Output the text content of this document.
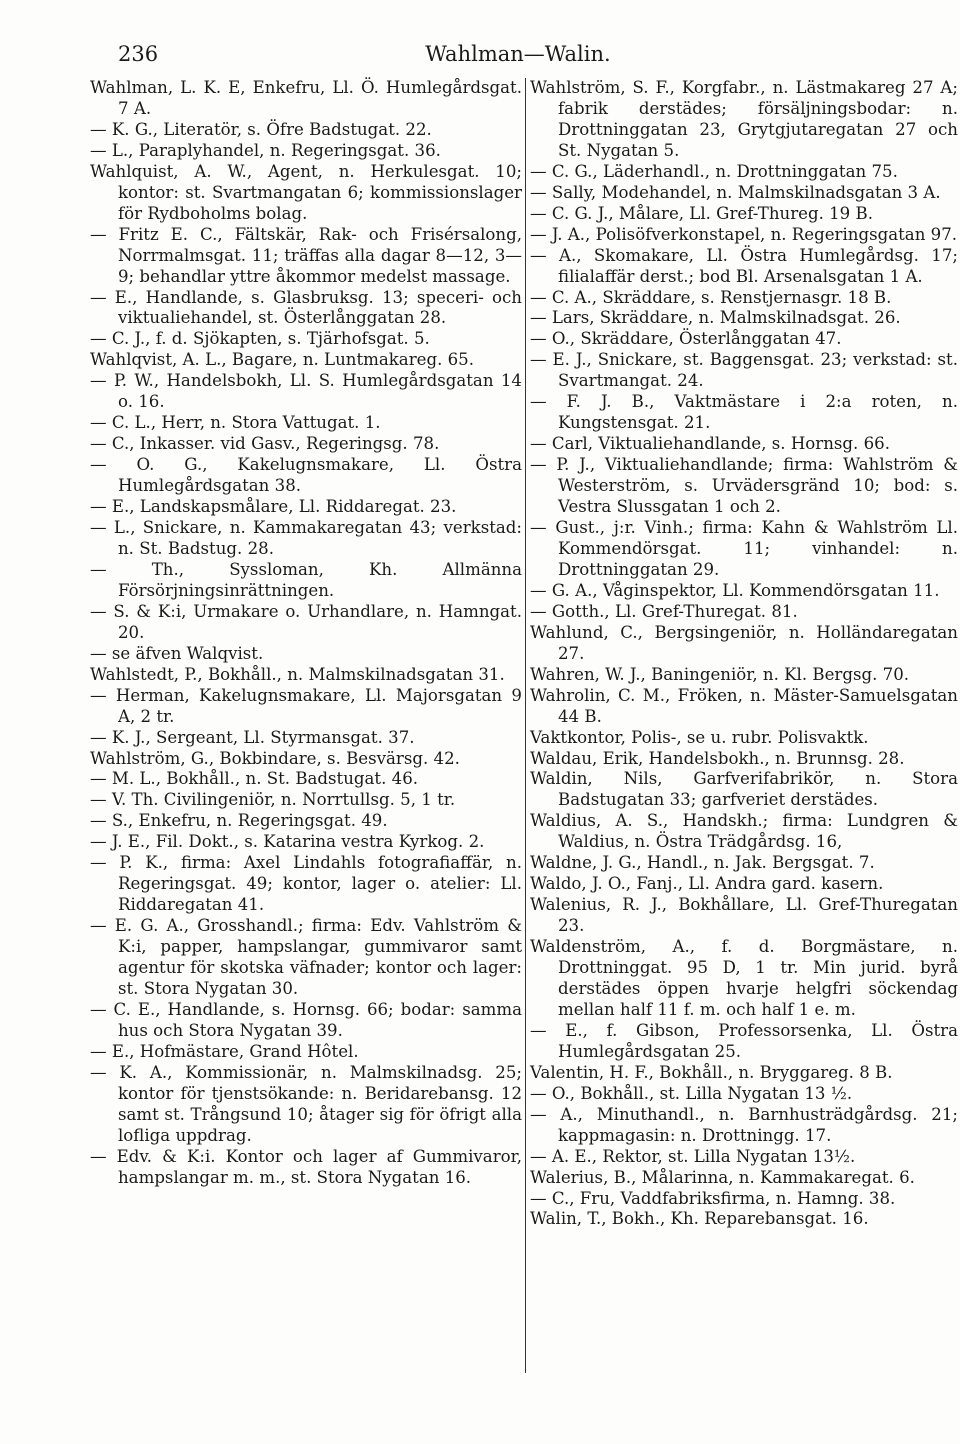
236	Wahlman—Walin.

Wahlman, L. K. E, Enkefru, Ll. Ö. Humlegårdsgat. 7 A.

— K. G., Literatör, s. Öfre Badstugat. 22.

— L., Paraplyhandel, n. Regeringsgat. 36.

Wahlquist, A. W., Agent, n. Herkulesgat. 10; kontor: st. Svartmangatan 6; kommissionslager för Rydboholms bolag.

— Fritz E. C., Fältskär, Rak- och Frisérsalong, Norrmalmsgat. 11; träffas alla dagar 8—12, 3—9; behandlar yttre åkommor medelst massage.

— E., Handlande, s. Glasbruksg. 13; speceri- och viktualiehandel, st. Österlånggatan 28.

— C. J., f. d. Sjökapten, s. Tjärhofsgat. 5.

Wahlqvist, A. L., Bagare, n. Luntmakareg. 65.

— P. W., Handelsbokh, Ll. S. Humlegårdsgatan 14 o. 16.

— C. L., Herr, n. Stora Vattugat. 1.

— C., Inkasser. vid Gasv., Regeringsg. 78.

— O. G., Kakelugnsmakare, Ll. Östra Humlegårdsgatan 38.

— E., Landskapsmålare, Ll. Riddaregat. 23.

— L., Snickare, n. Kammakaregatan 43; verkstad: n. St. Badstug. 28.

— Th., Syssloman, Kh. Allmänna Försörjningsinrättningen.

— S. & K:i, Urmakare o. Urhandlare, n. Hamngat. 20.

— se äfven Walqvist.

Wahlstedt, P., Bokhåll., n. Malmskilnadsgatan 31.

— Herman, Kakelugnsmakare, Ll. Majorsgatan 9 A, 2 tr.

— K. J., Sergeant, Ll. Styrmansgat. 37.

Wahlström, G., Bokbindare, s. Besvärsg. 42.

— M. L., Bokhåll., n. St. Badstugat. 46.

— V. Th. Civilingeniör, n. Norrtullsg. 5, 1 tr.

— S., Enkefru, n. Regeringsgat. 49.

— J. E., Fil. Dokt., s. Katarina vestra Kyrkog. 2.

— P. K., firma: Axel Lindahls fotografiaffär, n. Regeringsgat. 49; kontor, lager o. atelier: Ll. Riddaregatan 41.

— E. G. A., Grosshandl.; firma: Edv. Vahlström & K:i, papper, hampslangar, gummivaror samt agentur för skotska väfnader; kontor och lager: st. Stora Nygatan 30.

— C. E., Handlande, s. Hornsg. 66; bodar: samma hus och Stora Nygatan 39.

— E., Hofmästare, Grand Hôtel.

— K. A., Kommissionär, n. Malmskilnadsg. 25; kontor för tjenstsökande: n. Beridarebansg. 12 samt st. Trångsund 10; åtager sig för öfrigt alla lofliga uppdrag.

— Edv. & K:i. Kontor och lager af Gummivaror, hampslangar m. m., st. Stora Nygatan 16.

Wahlström, S. F., Korgfabr., n. Lästmakareg 27 A; fabrik derstädes; försäljningsbodar: n. Drottninggatan 23, Grytgjutaregatan 27 och St. Nygatan 5.

— C. G., Läderhandl., n. Drottninggatan 75.

— Sally, Modehandel, n. Malmskilnadsgatan 3 A.

— C. G. J., Målare, Ll. Gref-Thureg. 19 B.

— J. A., Polisöfverkonstapel, n. Regeringsgatan 97.

— A., Skomakare, Ll. Östra Humlegårdsg. 17; filialaffär derst.; bod Bl. Arsenalsgatan 1 A.

— C. A., Skräddare, s. Renstjernasgr. 18 B.

— Lars, Skräddare, n. Malmskilnadsgat. 26.

— O., Skräddare, Österlånggatan 47.

— E. J., Snickare, st. Baggensgat. 23; verkstad: st. Svartmangat. 24.

— F. J. B., Vaktmästare i 2:a roten, n. Kungstensgat. 21.

— Carl, Viktualiehandlande, s. Hornsg. 66.

— P. J., Viktualiehandlande; firma: Wahlström & Westerström, s. Urvädersgränd 10; bod: s. Vestra Slussgatan 1 och 2.

— Gust., j:r. Vinh.; firma: Kahn & Wahlström Ll. Kommendörsgat. 11; vinhandel: n. Drottninggatan 29.

— G. A., Våginspektor, Ll. Kommendörsgatan 11.

— Gotth., Ll. Gref-Thuregat. 81.

Wahlund, C., Bergsingeniör, n. Holländaregatan 27.

Wahren, W. J., Baningeniör, n. Kl. Bergsg. 70.

Wahrolin, C. M., Fröken, n. Mäster-Samuelsgatan 44 B.

Vaktkontor, Polis-, se u. rubr. Polisvaktk.

Waldau, Erik, Handelsbokh., n. Brunnsg. 28.

Waldin, Nils, Garfverifabrikör, n. Stora Badstugatan 33; garfveriet derstädes.

Waldius, A. S., Handskh.; firma: Lundgren & Waldius, n. Östra Trädgårdsg. 16,

Waldne, J. G., Handl., n. Jak. Bergsgat. 7.

Waldo, J. O., Fanj., Ll. Andra gard. kasern.

Walenius, R. J., Bokhållare, Ll. Gref-Thuregatan 23.

Waldenström, A., f. d. Borgmästare, n. Drottninggat. 95 D, 1 tr. Min jurid. byrå derstädes öppen hvarje helgfri söckendag mellan half 11 f. m. och half 1 e. m.

— E., f. Gibson, Professorsenka, Ll. Östra Humlegårdsgatan 25.

Valentin, H. F., Bokhåll., n. Bryggareg. 8 B.

— O., Bokhåll., st. Lilla Nygatan 13 ½.

— A., Minuthandl., n. Barnhusträdgårdsg. 21; kappmagasin: n. Drottningg. 17.

— A. E., Rektor, st. Lilla Nygatan 13½.

Walerius, B., Målarinna, n. Kammakaregat. 6.

— C., Fru, Vaddfabriksfirma, n. Hamng. 38.

Walin, T., Bokh., Kh. Reparebansgat. 16.
